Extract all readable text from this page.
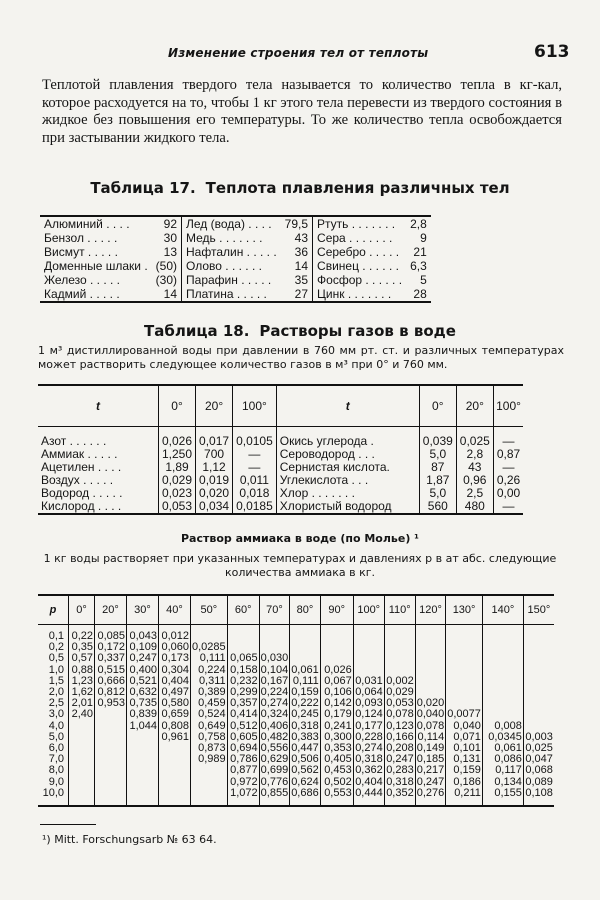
Изменение строения тел от теплоты	613

Теплотой плавления твердого тела называется то количество тепла в кг-кал, которое расходуется на то, чтобы 1 кг этого тела перевести из твердого состояния в жидкое без повышения его температуры. То же количество тепла освобождается при застывании жидкого тела.

Таблица 17. Теплота плавления различных тел
Алюминий . . . .	92	Лед (вода) . . . .	79,5	Ртуть . . . . . . .	2,8
Бензол . . . . .	30	Медь . . . . . . .	43	Сера . . . . . . .	9
Висмут . . . . .	13	Нафталин . . . . .	36	Серебро . . . . .	21
Доменные шлаки .	(50)	Олово . . . . . .	14	Свинец . . . . . .	6,3
Железо . . . . .	(30)	Парафин . . . . .	35	Фосфор . . . . . .	5
Кадмий . . . . .	14	Платина . . . . .	27	Цинк . . . . . . .	28
Таблица 18. Растворы газов в воде
1 м³ дистиллированной воды при давлении в 760 мм рт. ст. и различных температурах может растворить следующее количество газов в м³ при 0° и 760 мм.
t	0°	20°	100°	t	0°	20°	100°
Азот . . . . . .	0,026	0,017	0,0105	Окись углерода .	0,039	0,025	—
Аммиак . . . . .	1,250	700	—	Сероводород . . .	5,0	2,8	0,87
Ацетилен . . . .	1,89	1,12	—	Сернистая кислота.	87	43	—
Воздух . . . . .	0,029	0,019	0,011	Углекислота . . .	1,87	0,96	0,26
Водород . . . . .	0,023	0,020	0,018	Хлор . . . . . . .	5,0	2,5	0,00
Кислород . . . .	0,053	0,034	0,0185	Хлористый водород	560	480	—
Раствор аммиака в воде (по Молье) ¹
1 кг воды растворяет при указанных температурах и давлениях p в ат абс. следующие количества аммиака в кг.
p	0°	20°	30°	40°	50°	60°	70°	80°	90°	100°	110°	120°	130°	140°	150°
0,1	0,22	0,085	0,043	0,012											
0,2	0,35	0,172	0,109	0,060	0,0285										
0,5	0,57	0,337	0,247	0,173	0,111	0,065	0,030								
1,0	0,88	0,515	0,400	0,304	0,224	0,158	0,104	0,061	0,026						
1,5	1,23	0,666	0,521	0,404	0,311	0,232	0,167	0,111	0,067	0,031	0,002				
2,0	1,62	0,812	0,632	0,497	0,389	0,299	0,224	0,159	0,106	0,064	0,029				
2,5	2,01	0,953	0,735	0,580	0,459	0,357	0,274	0,222	0,142	0,093	0,053	0,020			
3,0	2,40		0,839	0,659	0,524	0,414	0,324	0,245	0,179	0,124	0,078	0,040	0,0077		
4,0			1,044	0,808	0,649	0,512	0,406	0,318	0,241	0,177	0,123	0,078	0,040	0,008	
5,0				0,961	0,758	0,605	0,482	0,383	0,300	0,228	0,166	0,114	0,071	0,0345	0,003
6,0					0,873	0,694	0,556	0,447	0,353	0,274	0,208	0,149	0,101	0,061	0,025
7,0					0,989	0,786	0,629	0,506	0,405	0,318	0,247	0,185	0,131	0,086	0,047
8,0						0,877	0,699	0,562	0,453	0,362	0,283	0,217	0,159	0,117	0,068
9,0						0,972	0,776	0,624	0,502	0,404	0,318	0,247	0,186	0,134	0,089
10,0						1,072	0,855	0,686	0,553	0,444	0,352	0,276	0,211	0,155	0,108
¹) Mitt. Forschungsarb № 63 64.
